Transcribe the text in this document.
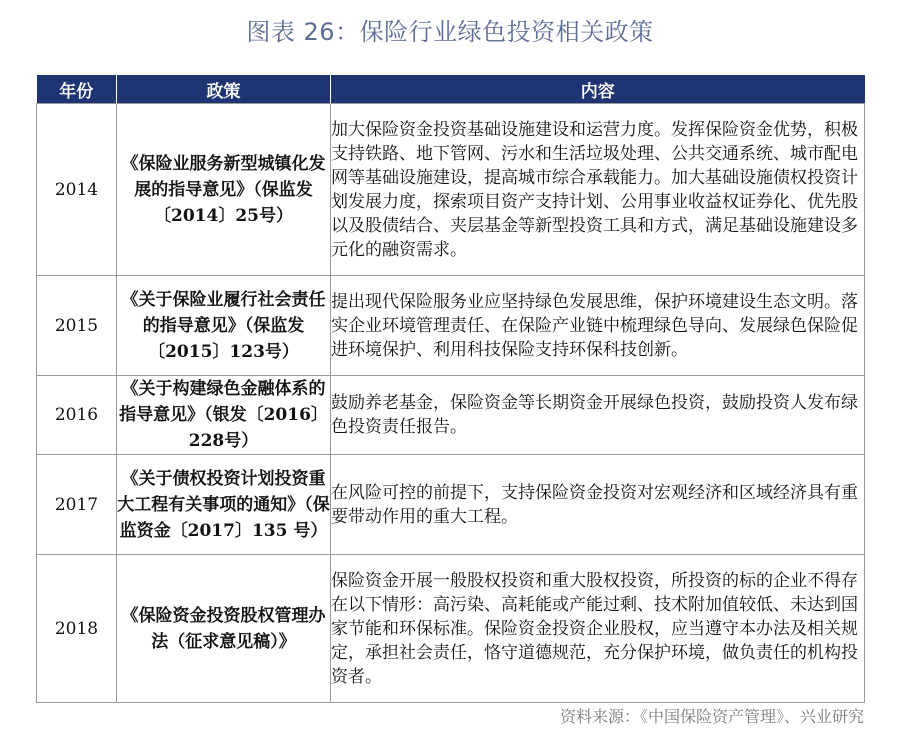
图表 26：保险行业绿色投资相关政策
年份	政策	内容
2014	《保险业服务新型城镇化发展的指导意见》（保监发〔2014〕25号）	加大保险资金投资基础设施建设和运营力度。发挥保险资金优势，积极支持铁路、地下管网、污水和生活垃圾处理、公共交通系统、城市配电网等基础设施建设，提高城市综合承载能力。加大基础设施债权投资计划发展力度，探索项目资产支持计划、公用事业收益权证券化、优先股以及股债结合、夹层基金等新型投资工具和方式，满足基础设施建设多元化的融资需求。
2015	《关于保险业履行社会责任的指导意见》（保监发〔2015〕123号）	提出现代保险服务业应坚持绿色发展思维，保护环境建设生态文明。落实企业环境管理责任、在保险产业链中梳理绿色导向、发展绿色保险促进环境保护、利用科技保险支持环保科技创新。
2016	《关于构建绿色金融体系的指导意见》（银发〔2016〕228号）	鼓励养老基金，保险资金等长期资金开展绿色投资，鼓励投资人发布绿色投资责任报告。
2017	《关于债权投资计划投资重大工程有关事项的通知》（保监资金〔2017〕135 号）	在风险可控的前提下，支持保险资金投资对宏观经济和区域经济具有重要带动作用的重大工程。
2018	《保险资金投资股权管理办法（征求意见稿）》	保险资金开展一般股权投资和重大股权投资，所投资的标的企业不得存在以下情形：高污染、高耗能或产能过剩、技术附加值较低、未达到国家节能和环保标准。保险资金投资企业股权，应当遵守本办法及相关规定，承担社会责任，恪守道德规范，充分保护环境，做负责任的机构投资者。
资料来源：《中国保险资产管理》、兴业研究
